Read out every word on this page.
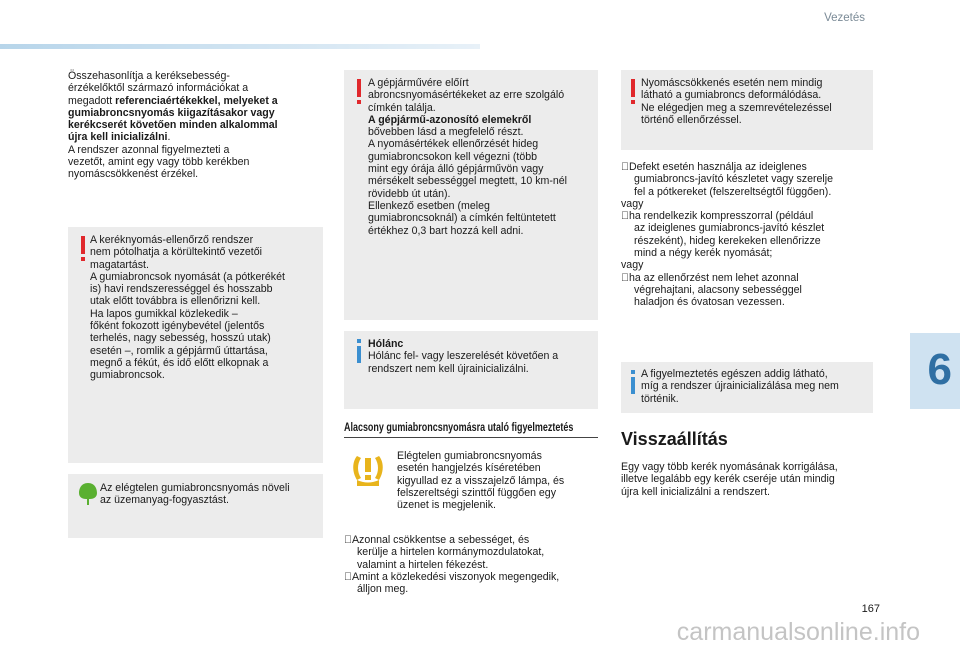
Vezetés
6
Összehasonlítja a keréksebesség-
érzékelőktől származó információkat a
megadott referenciaértékekkel, melyeket a
gumiabroncsnyomás kiigazításakor vagy
kerékcserét követően minden alkalommal
újra kell inicializálni.
A rendszer azonnal figyelmezteti a
vezetőt, amint egy vagy több kerékben
nyomáscsökkenést érzékel.
A keréknyomás-ellenőrző rendszer
nem pótolhatja a körültekintő vezetői
magatartást.
A gumiabroncsok nyomását (a pótkerékét
is) havi rendszerességgel és hosszabb
utak előtt továbbra is ellenőrizni kell.
Ha lapos gumikkal közlekedik –
főként fokozott igénybevétel (jelentős
terhelés, nagy sebesség, hosszú utak)
esetén –, romlik a gépjármű úttartása,
megnő a fékút, és idő előtt elkopnak a
gumiabroncsok.
Az elégtelen gumiabroncsnyomás növeli
az üzemanyag-fogyasztást.
A gépjárművére előírt
abroncsnyomásértékeket az erre szolgáló
címkén találja.
A gépjármű-azonosító elemekről
bővebben lásd a megfelelő részt.
A nyomásértékek ellenőrzését hideg
gumiabroncsokon kell végezni (több
mint egy órája álló gépjárművön vagy
mérsékelt sebességgel megtett, 10 km-nél
rövidebb út után).
Ellenkező esetben (meleg
gumiabroncsoknál) a címkén feltüntetett
értékhez 0,3 bart hozzá kell adni.
Hólánc
Hólánc fel- vagy leszerelését követően a
rendszert nem kell újrainicializálni.
Alacsony gumiabroncsnyomásra utaló figyelmeztetés
Elégtelen gumiabroncsnyomás
esetén hangjelzés kíséretében
kigyullad ez a visszajelző lámpa, és
felszereltségi szinttől függően egy
üzenet is megjelenik.
Azonnal csökkentse a sebességet, és
kerülje a hirtelen kormánymozdulatokat,
valamint a hirtelen fékezést.
Amint a közlekedési viszonyok megengedik,
álljon meg.
Nyomáscsökkenés esetén nem mindig
látható a gumiabroncs deformálódása.
Ne elégedjen meg a szemrevételezéssel
történő ellenőrzéssel.
Defekt esetén használja az ideiglenes
gumiabroncs-javító készletet vagy szerelje
fel a pótkereket (felszereltségtől függően).
vagy
ha rendelkezik kompresszorral (például
az ideiglenes gumiabroncs-javító készlet
részeként), hideg kerekeken ellenőrizze
mind a négy kerék nyomását;
vagy
ha az ellenőrzést nem lehet azonnal
végrehajtani, alacsony sebességgel
haladjon és óvatosan vezessen.
A figyelmeztetés egészen addig látható,
míg a rendszer újrainicializálása meg nem
történik.
Visszaállítás
Egy vagy több kerék nyomásának korrigálása,
illetve legalább egy kerék cseréje után mindig
újra kell inicializálni a rendszert.
167
carmanualsonline.info
